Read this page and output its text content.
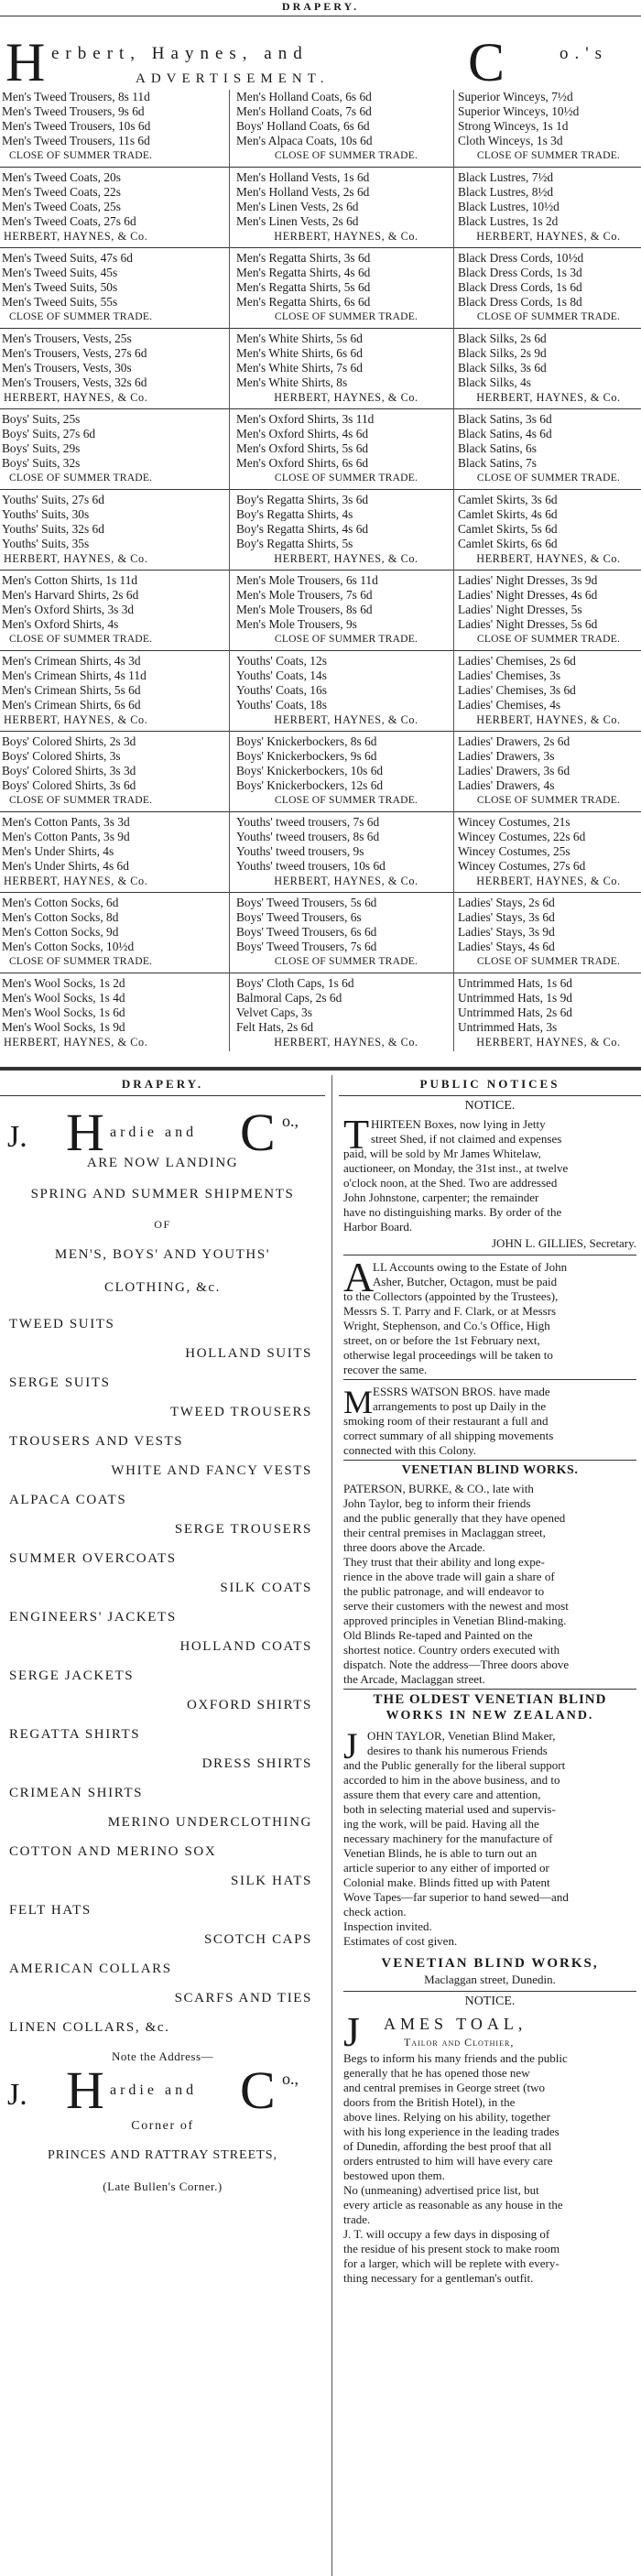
DRAPERY.
H erbert, Haynes, and	o.'s
C
ADVERTISEMENT.
Men's Tweed Trousers, 8s 11d
Men's Tweed Trousers, 9s 6d
Men's Tweed Trousers, 10s 6d
Men's Tweed Trousers, 11s 6d
CLOSE OF SUMMER TRADE.
Men's Tweed Coats, 20s
Men's Tweed Coats, 22s
Men's Tweed Coats, 25s
Men's Tweed Coats, 27s 6d
HERBERT, HAYNES, & Co.
Men's Tweed Suits, 47s 6d
Men's Tweed Suits, 45s
Men's Tweed Suits, 50s
Men's Tweed Suits, 55s
CLOSE OF SUMMER TRADE.
Men's Trousers, Vests, 25s
Men's Trousers, Vests, 27s 6d
Men's Trousers, Vests, 30s
Men's Trousers, Vests, 32s 6d
HERBERT, HAYNES, & Co.
Boys' Suits, 25s
Boys' Suits, 27s 6d
Boys' Suits, 29s
Boys' Suits, 32s
CLOSE OF SUMMER TRADE.
Youths' Suits, 27s 6d
Youths' Suits, 30s
Youths' Suits, 32s 6d
Youths' Suits, 35s
HERBERT, HAYNES, & Co.
Men's Cotton Shirts, 1s 11d
Men's Harvard Shirts, 2s 6d
Men's Oxford Shirts, 3s 3d
Men's Oxford Shirts, 4s
CLOSE OF SUMMER TRADE.
Men's Crimean Shirts, 4s 3d
Men's Crimean Shirts, 4s 11d
Men's Crimean Shirts, 5s 6d
Men's Crimean Shirts, 6s 6d
HERBERT, HAYNES, & Co.
Boys' Colored Shirts, 2s 3d
Boys' Colored Shirts, 3s
Boys' Colored Shirts, 3s 3d
Boys' Colored Shirts, 3s 6d
CLOSE OF SUMMER TRADE.
Men's Cotton Pants, 3s 3d
Men's Cotton Pants, 3s 9d
Men's Under Shirts, 4s
Men's Under Shirts, 4s 6d
HERBERT, HAYNES, & Co.
Men's Cotton Socks, 6d
Men's Cotton Socks, 8d
Men's Cotton Socks, 9d
Men's Cotton Socks, 10½d
CLOSE OF SUMMER TRADE.
Men's Wool Socks, 1s 2d
Men's Wool Socks, 1s 4d
Men's Wool Socks, 1s 6d
Men's Wool Socks, 1s 9d
HERBERT, HAYNES, & Co.
Men's Holland Coats, 6s 6d
Men's Holland Coats, 7s 6d
Boys' Holland Coats, 6s 6d
Men's Alpaca Coats, 10s 6d
CLOSE OF SUMMER TRADE.
Men's Holland Vests, 1s 6d
Men's Holland Vests, 2s 6d
Men's Linen Vests, 2s 6d
Men's Linen Vests, 2s 6d
HERBERT, HAYNES, & Co.
Men's Regatta Shirts, 3s 6d
Men's Regatta Shirts, 4s 6d
Men's Regatta Shirts, 5s 6d
Men's Regatta Shirts, 6s 6d
CLOSE OF SUMMER TRADE.
Men's White Shirts, 5s 6d
Men's White Shirts, 6s 6d
Men's White Shirts, 7s 6d
Men's White Shirts, 8s
HERBERT, HAYNES, & Co.
Men's Oxford Shirts, 3s 11d
Men's Oxford Shirts, 4s 6d
Men's Oxford Shirts, 5s 6d
Men's Oxford Shirts, 6s 6d
CLOSE OF SUMMER TRADE.
Boy's Regatta Shirts, 3s 6d
Boy's Regatta Shirts, 4s
Boy's Regatta Shirts, 4s 6d
Boy's Regatta Shirts, 5s
HERBERT, HAYNES, & Co.
Men's Mole Trousers, 6s 11d
Men's Mole Trousers, 7s 6d
Men's Mole Trousers, 8s 6d
Men's Mole Trousers, 9s
CLOSE OF SUMMER TRADE.
Youths' Coats, 12s
Youths' Coats, 14s
Youths' Coats, 16s
Youths' Coats, 18s
HERBERT, HAYNES, & Co.
Boys' Knickerbockers, 8s 6d
Boys' Knickerbockers, 9s 6d
Boys' Knickerbockers, 10s 6d
Boys' Knickerbockers, 12s 6d
CLOSE OF SUMMER TRADE.
Youths' tweed trousers, 7s 6d
Youths' tweed trousers, 8s 6d
Youths' tweed trousers, 9s
Youths' tweed trousers, 10s 6d
HERBERT, HAYNES, & Co.
Boys' Tweed Trousers, 5s 6d
Boys' Tweed Trousers, 6s
Boys' Tweed Trousers, 6s 6d
Boys' Tweed Trousers, 7s 6d
CLOSE OF SUMMER TRADE.
Boys' Cloth Caps, 1s 6d
Balmoral Caps, 2s 6d
Velvet Caps, 3s
Felt Hats, 2s 6d
HERBERT, HAYNES, & Co.
Superior Winceys, 7½d
Superior Winceys, 10½d
Strong Winceys, 1s 1d
Cloth Winceys, 1s 3d
CLOSE OF SUMMER TRADE.
Black Lustres, 7½d
Black Lustres, 8½d
Black Lustres, 10½d
Black Lustres, 1s 2d
HERBERT, HAYNES, & Co.
Black Dress Cords, 10½d
Black Dress Cords, 1s 3d
Black Dress Cords, 1s 6d
Black Dress Cords, 1s 8d
CLOSE OF SUMMER TRADE.
Black Silks, 2s 6d
Black Silks, 2s 9d
Black Silks, 3s 6d
Black Silks, 4s
HERBERT, HAYNES, & Co.
Black Satins, 3s 6d
Black Satins, 4s 6d
Black Satins, 6s
Black Satins, 7s
CLOSE OF SUMMER TRADE.
Camlet Skirts, 3s 6d
Camlet Skirts, 4s 6d
Camlet Skirts, 5s 6d
Camlet Skirts, 6s 6d
HERBERT, HAYNES, & Co.
Ladies' Night Dresses, 3s 9d
Ladies' Night Dresses, 4s 6d
Ladies' Night Dresses, 5s
Ladies' Night Dresses, 5s 6d
CLOSE OF SUMMER TRADE.
Ladies' Chemises, 2s 6d
Ladies' Chemises, 3s
Ladies' Chemises, 3s 6d
Ladies' Chemises, 4s
HERBERT, HAYNES, & Co.
Ladies' Drawers, 2s 6d
Ladies' Drawers, 3s
Ladies' Drawers, 3s 6d
Ladies' Drawers, 4s
CLOSE OF SUMMER TRADE.
Wincey Costumes, 21s
Wincey Costumes, 22s 6d
Wincey Costumes, 25s
Wincey Costumes, 27s 6d
HERBERT, HAYNES, & Co.
Ladies' Stays, 2s 6d
Ladies' Stays, 3s 6d
Ladies' Stays, 3s 9d
Ladies' Stays, 4s 6d
CLOSE OF SUMMER TRADE.
Untrimmed Hats, 1s 6d
Untrimmed Hats, 1s 9d
Untrimmed Hats, 2s 6d
Untrimmed Hats, 3s
HERBERT, HAYNES, & Co.
DRAPERY.
J. H ardie and C o.,
ARE NOW LANDING
SPRING AND SUMMER SHIPMENTS
OF
MEN'S, BOYS' AND YOUTHS'
CLOTHING, &c.
TWEED SUITS
HOLLAND SUITS
SERGE SUITS
TWEED TROUSERS
TROUSERS AND VESTS
WHITE AND FANCY VESTS
ALPACA COATS
SERGE TROUSERS
SUMMER OVERCOATS
SILK COATS
ENGINEERS' JACKETS
HOLLAND COATS
SERGE JACKETS
OXFORD SHIRTS
REGATTA SHIRTS
DRESS SHIRTS
CRIMEAN SHIRTS
MERINO UNDERCLOTHING
COTTON AND MERINO SOX
SILK HATS
FELT HATS
SCOTCH CAPS
AMERICAN COLLARS
SCARFS AND TIES
LINEN COLLARS, &c.
Note the Address—
J. H ardie and C o.,
Corner of
PRINCES AND RATTRAY STREETS,
(Late Bullen's Corner.)
PUBLIC NOTICES
NOTICE.
T HIRTEEN Boxes, now lying in Jetty
street Shed, if not claimed and expenses
paid, will be sold by Mr James Whitelaw,
auctioneer, on Monday, the 31st inst., at twelve
o'clock noon, at the Shed. Two are addressed
John Johnstone, carpenter; the remainder
have no distinguishing marks. By order of the
Harbor Board.
JOHN L. GILLIES, Secretary.
A
LL Accounts owing to the Estate of John
Asher, Butcher, Octagon, must be paid
to the Collectors (appointed by the Trustees),
Messrs S. T. Parry and F. Clark, or at Messrs
Wright, Stephenson, and Co.'s Office, High
street, on or before the 1st February next,
otherwise legal proceedings will be taken to
recover the same.
M ESSRS WATSON BROS. have made
arrangements to post up Daily in the
smoking room of their restaurant a full and
correct summary of all shipping movements
connected with this Colony.
VENETIAN BLIND WORKS.
PATERSON, BURKE, & CO., late with
John Taylor, beg to inform their friends
and the public generally that they have opened
their central premises in Maclaggan street,
three doors above the Arcade.
They trust that their ability and long expe-
rience in the above trade will gain a share of
the public patronage, and will endeavor to
serve their customers with the newest and most
approved principles in Venetian Blind-making.
Old Blinds Re-taped and Painted on the
shortest notice. Country orders executed with
dispatch. Note the address—Three doors above
the Arcade, Maclaggan street.
THE OLDEST VENETIAN BLIND
WORKS IN NEW ZEALAND.
J OHN TAYLOR, Venetian Blind Maker,
desires to thank his numerous Friends
and the Public generally for the liberal support
accorded to him in the above business, and to
assure them that every care and attention,
both in selecting material used and supervis-
ing the work, will be paid. Having all the
necessary machinery for the manufacture of
Venetian Blinds, he is able to turn out an
article superior to any either of imported or
Colonial make. Blinds fitted up with Patent
Wove Tapes—far superior to hand sewed—and
check action.
Inspection invited.
Estimates of cost given.
VENETIAN BLIND WORKS,
Maclaggan street, Dunedin.
NOTICE.
J AMES TOAL,
Tailor and Clothier,
Begs to inform his many friends and the public
generally that he has opened those new
and central premises in George street (two
doors from the British Hotel), in the
above lines. Relying on his ability, together
with his long experience in the leading trades
of Dunedin, affording the best proof that all
orders entrusted to him will have every care
bestowed upon them.
No (unmeaning) advertised price list, but
every article as reasonable as any house in the
trade.
J. T. will occupy a few days in disposing of
the residue of his present stock to make room
for a larger, which will be replete with every-
thing necessary for a gentleman's outfit.
